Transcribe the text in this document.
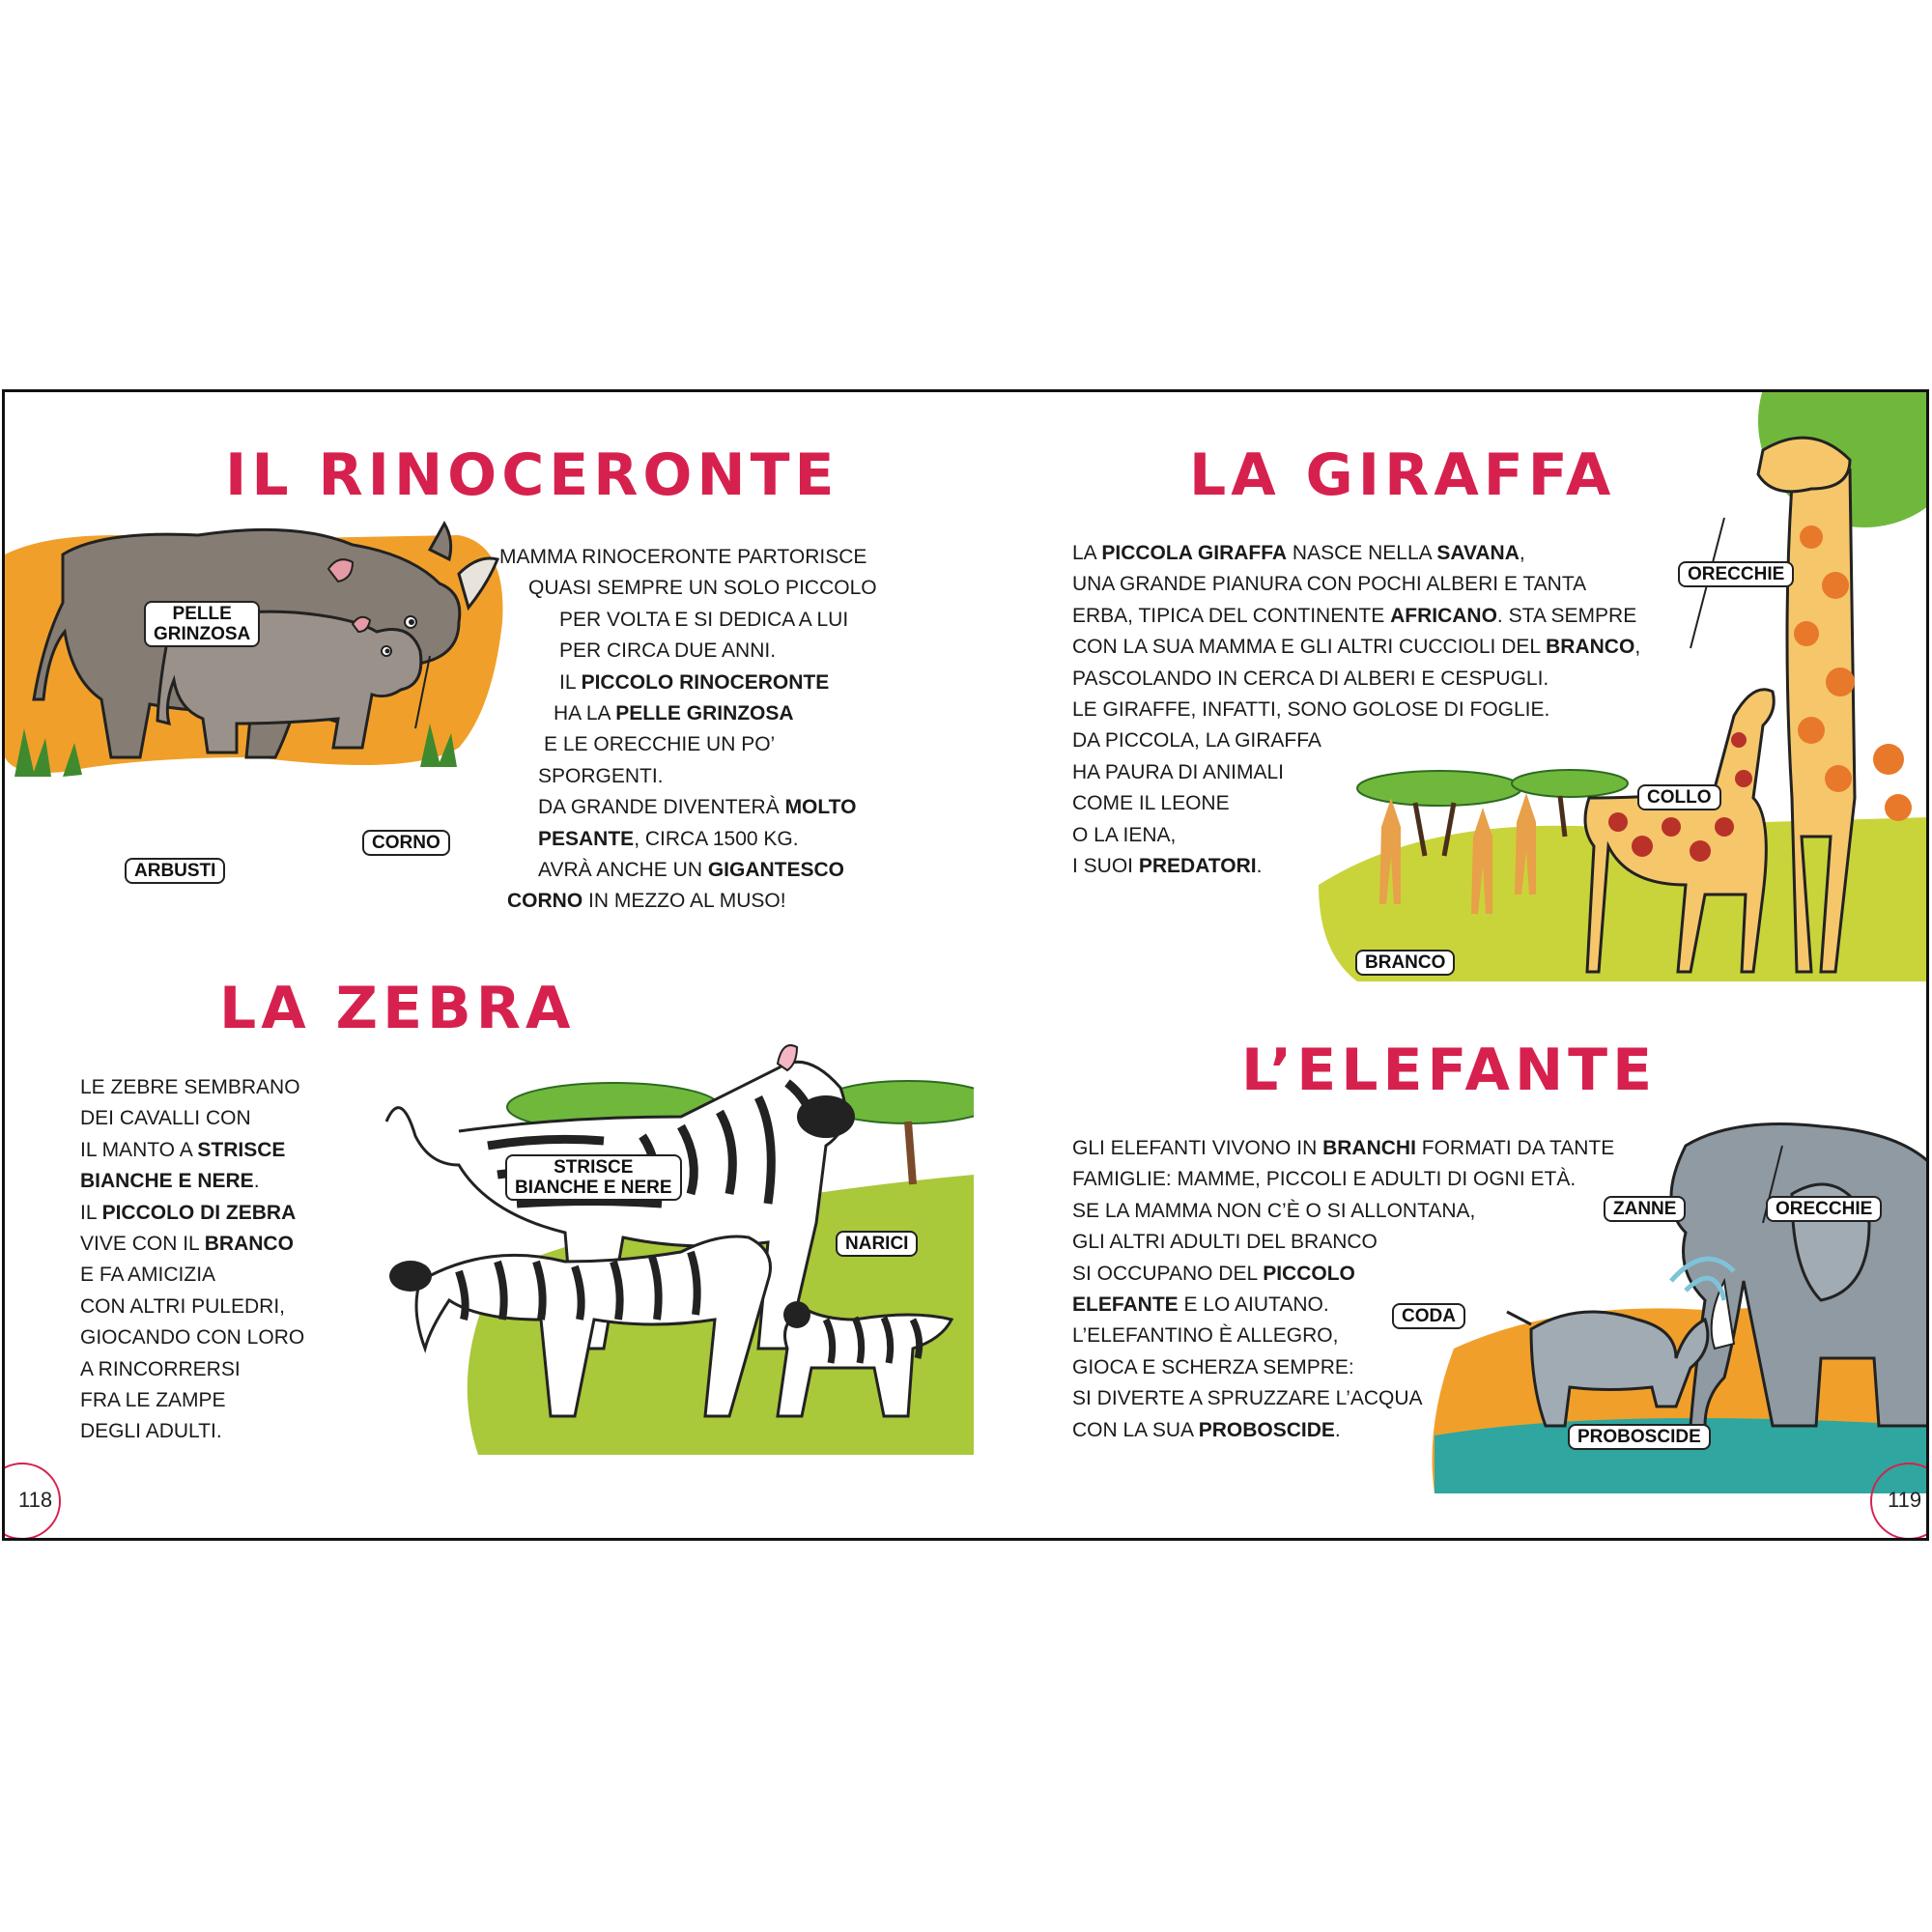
IL RINOCERONTE
PELLE
GRINZOSA
CORNO
ARBUSTI
MAMMA RINOCERONTE PARTORISCE
QUASI SEMPRE UN SOLO PICCOLO
PER VOLTA E SI DEDICA A LUI
PER CIRCA DUE ANNI.
IL PICCOLO RINOCERONTE
HA LA PELLE GRINZOSA
E LE ORECCHIE UN PO’
SPORGENTI.
DA GRANDE DIVENTERÀ MOLTO
PESANTE, CIRCA 1500 KG.
AVRÀ ANCHE UN GIGANTESCO
CORNO IN MEZZO AL MUSO!
LA ZEBRA
STRISCE
BIANCHE E NERE
NARICI
LE ZEBRE SEMBRANO
DEI CAVALLI CON
IL MANTO A STRISCE
BIANCHE E NERE.
IL PICCOLO DI ZEBRA
VIVE CON IL BRANCO
E FA AMICIZIA
CON ALTRI PULEDRI,
GIOCANDO CON LORO
A RINCORRERSI
FRA LE ZAMPE
DEGLI ADULTI.
LA GIRAFFA
ORECCHIE
COLLO
BRANCO
LA PICCOLA GIRAFFA NASCE NELLA SAVANA,
UNA GRANDE PIANURA CON POCHI ALBERI E TANTA
ERBA, TIPICA DEL CONTINENTE AFRICANO. STA SEMPRE
CON LA SUA MAMMA E GLI ALTRI CUCCIOLI DEL BRANCO,
PASCOLANDO IN CERCA DI ALBERI E CESPUGLI.
LE GIRAFFE, INFATTI, SONO GOLOSE DI FOGLIE.
DA PICCOLA, LA GIRAFFA
HA PAURA DI ANIMALI
COME IL LEONE
O LA IENA,
I SUOI PREDATORI.
L’ELEFANTE
ZANNE	ORECCHIE
CODA
PROBOSCIDE
GLI ELEFANTI VIVONO IN BRANCHI FORMATI DA TANTE
FAMIGLIE: MAMME, PICCOLI E ADULTI DI OGNI ETÀ.
SE LA MAMMA NON C’È O SI ALLONTANA,
GLI ALTRI ADULTI DEL BRANCO
SI OCCUPANO DEL PICCOLO
ELEFANTE E LO AIUTANO.
L’ELEFANTINO È ALLEGRO,
GIOCA E SCHERZA SEMPRE:
SI DIVERTE A SPRUZZARE L’ACQUA
CON LA SUA PROBOSCIDE.
118	119
